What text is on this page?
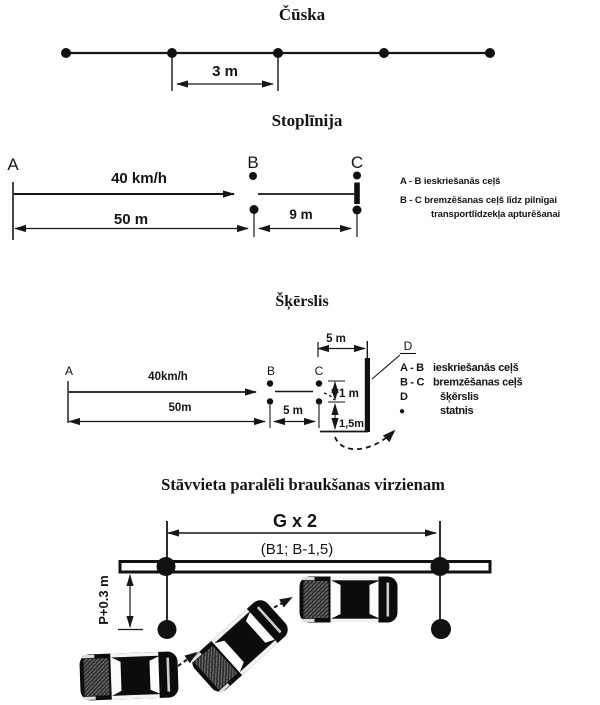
Čūska
3 m
Stoplīnija
A	B	C
40 km/h
50 m	9 m
A - B ieskriešanās ceļš
B - C bremzēšanas ceļš līdz pilnīgai
transportlīdzekļa apturēšanai
Šķērslis
A	40km/h	B	C
50m	5 m
1 m
1,5m
5 m	D
A - B ieskriešanās ceļš
B - C bremzēšanas ceļš
D	šķērslis
●	statnis
Stāvvieta paralēli braukšanas virzienam
G x 2
(B1; B-1,5)
P+0.3 m
